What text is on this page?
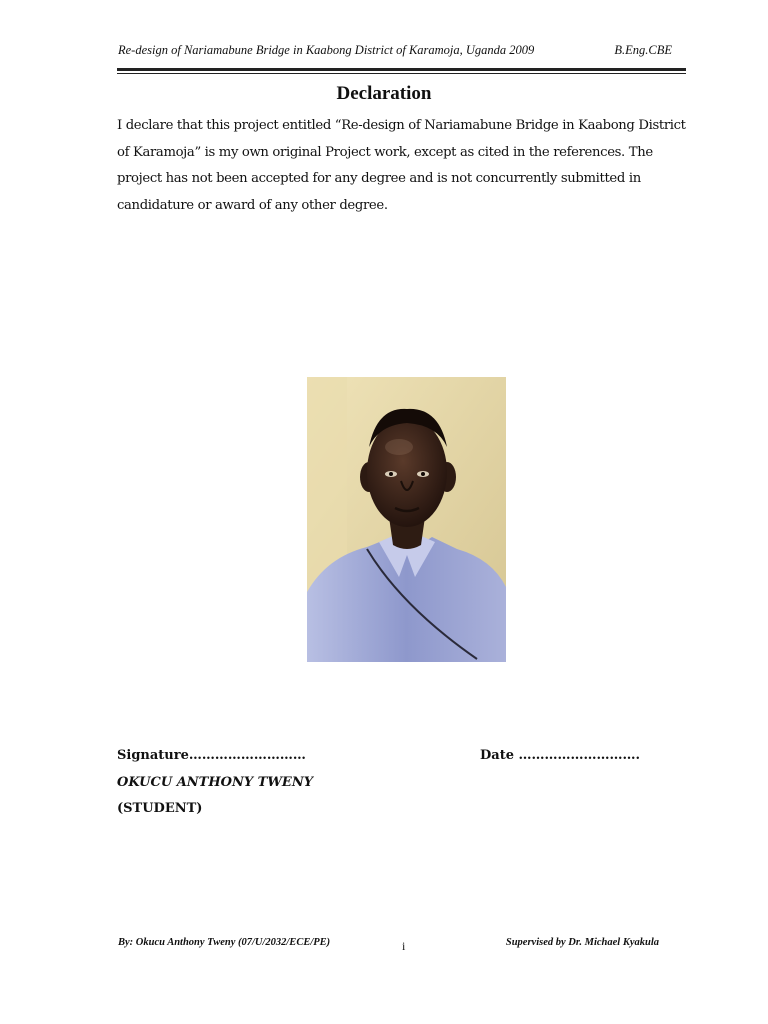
Re-design of Nariamabune Bridge in Kaabong District of Karamoja, Uganda 2009	B.Eng.CBE
Declaration
I declare that this project entitled “Re-design of Nariamabune Bridge in Kaabong District of Karamoja” is my own original Project work, except as cited in the references. The project has not been accepted for any degree and is not concurrently submitted in candidature or award of any other degree.
Signature………………………	Date ……………………….
OKUCU ANTHONY TWENY
(STUDENT)
By: Okucu Anthony Tweny (07/U/2032/ECE/PE)	i	Supervised by Dr. Michael Kyakula
